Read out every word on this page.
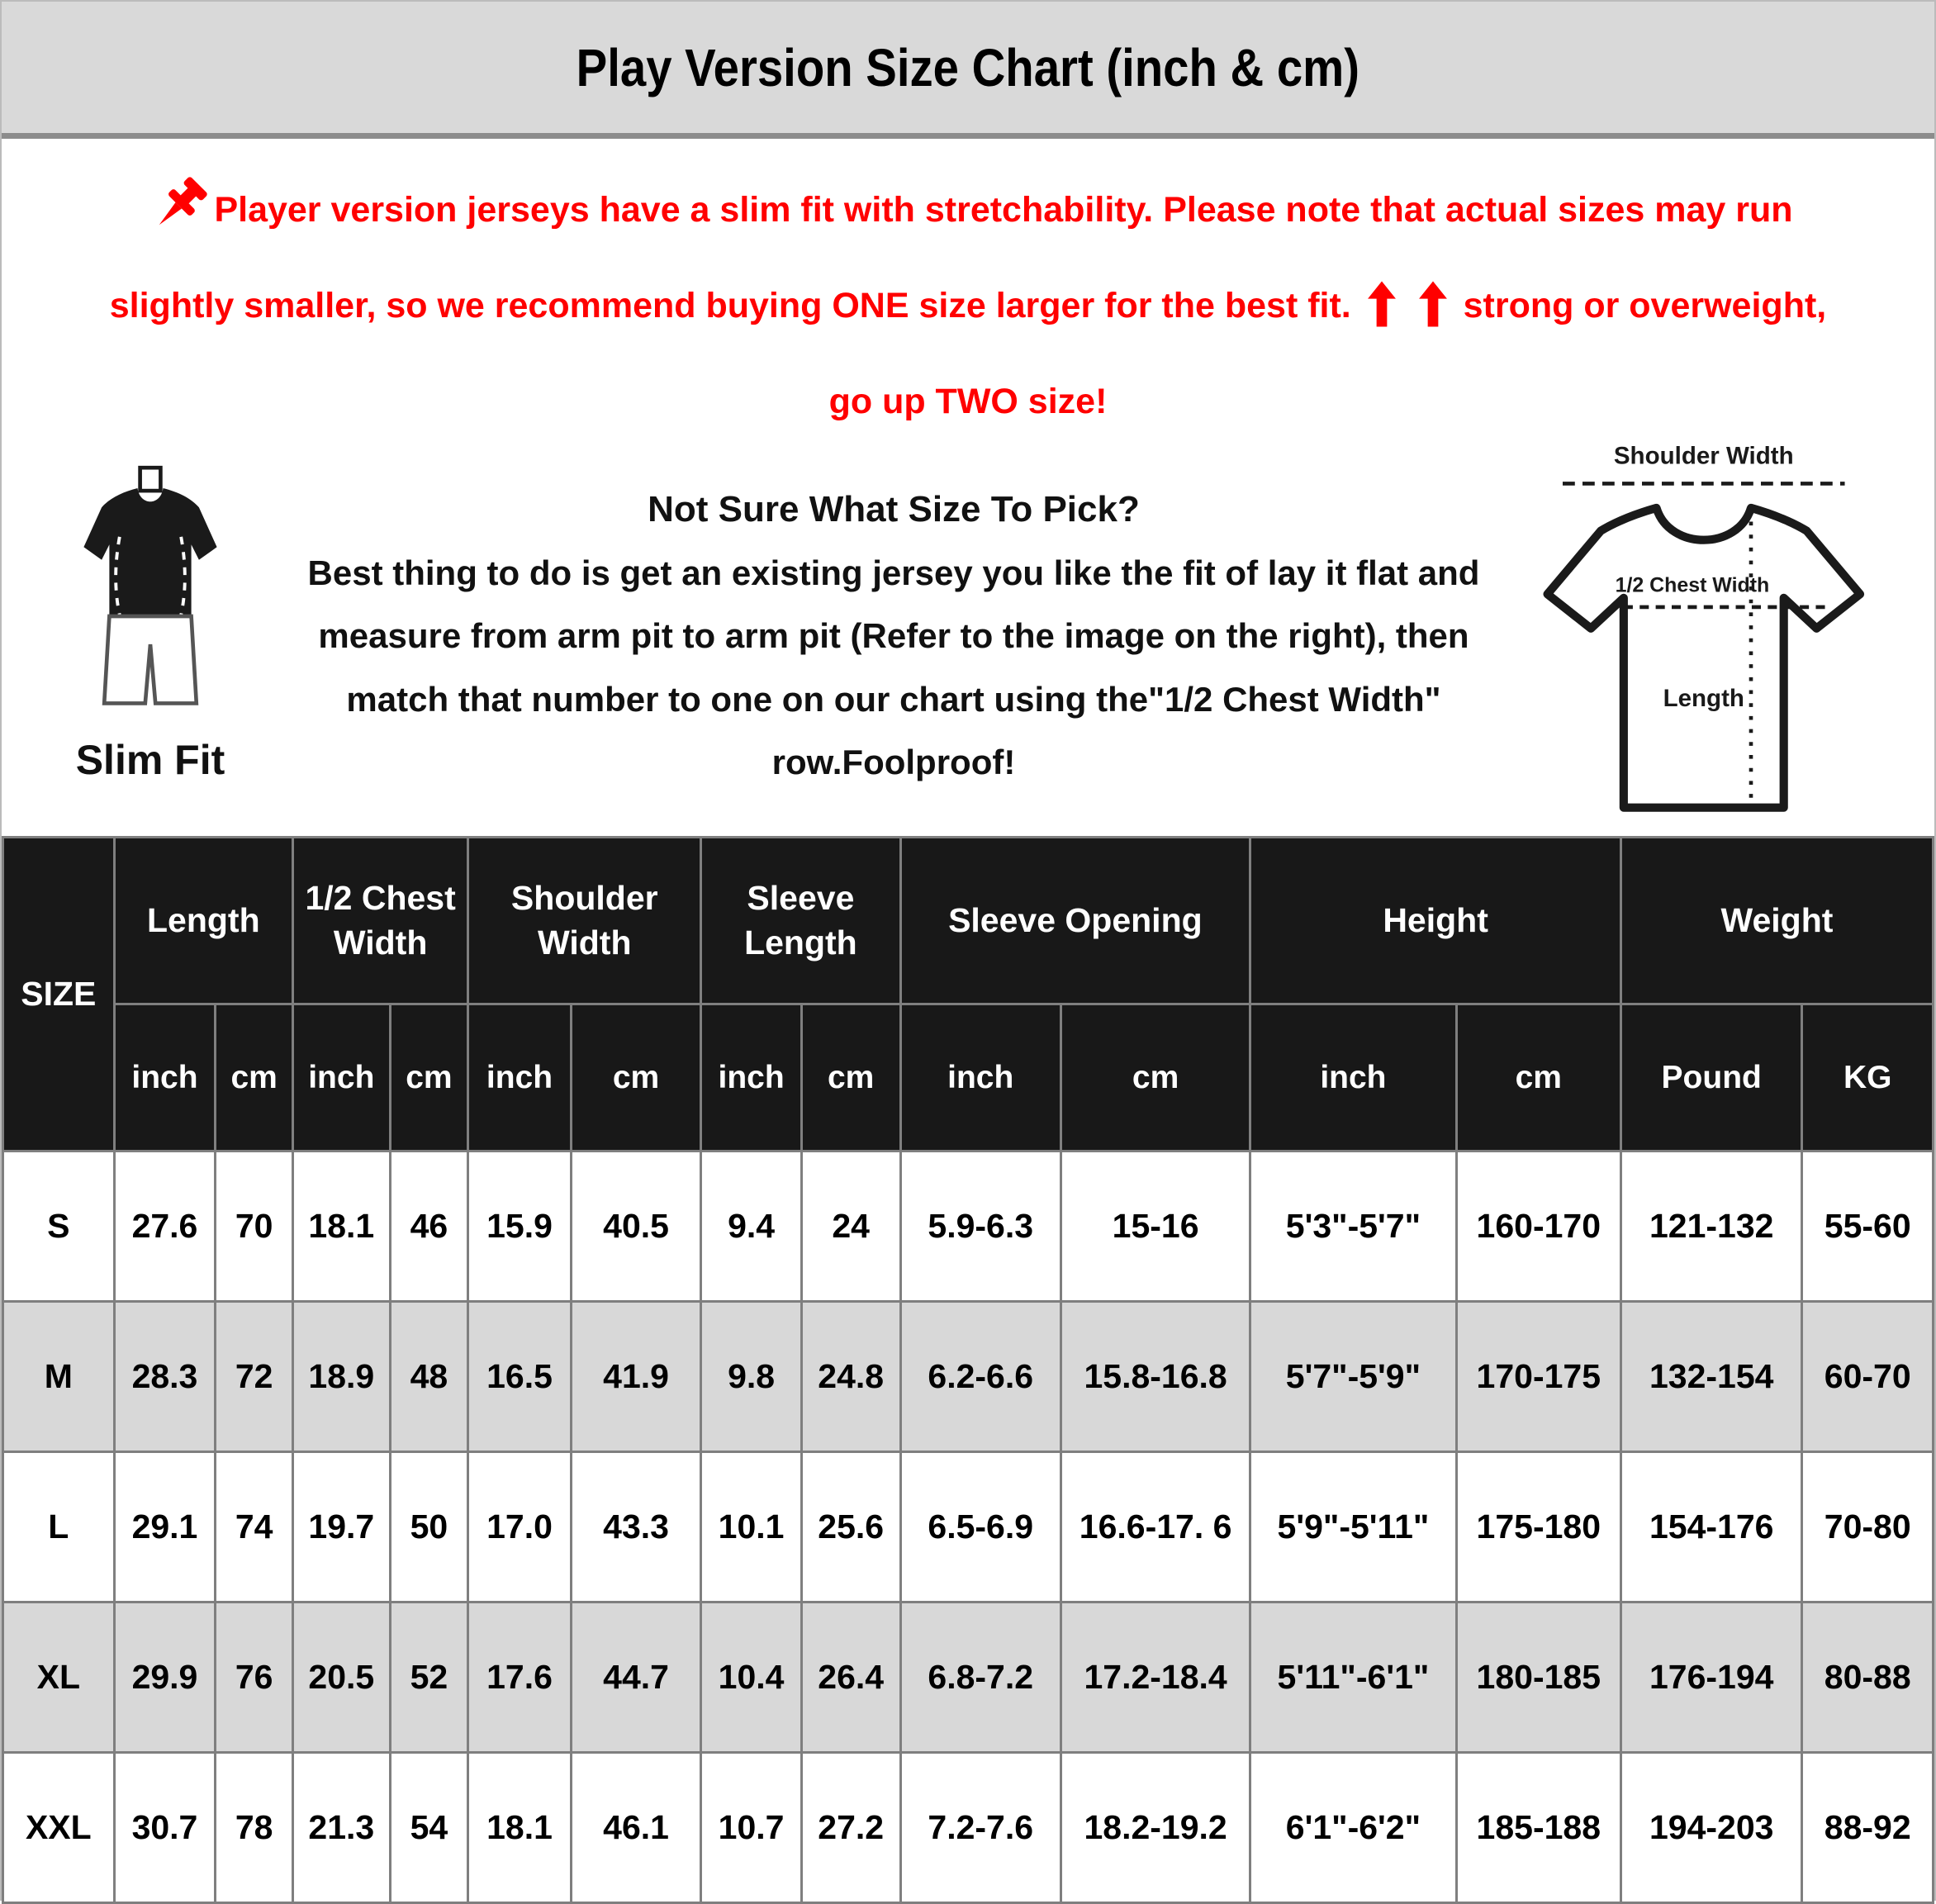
Play Version Size Chart (inch & cm)
Player version jerseys have a slim fit with stretchability. Please note that actual sizes may run
slightly smaller, so we recommend buying ONE size larger for the best fit.	strong or overweight,
go up TWO size!
Slim Fit
Not Sure What Size To Pick?
Best thing to do is get an existing jersey you like the fit of lay it flat and measure from arm pit to arm pit (Refer to the image on the right), then match that number to one on our chart using the"1/2 Chest Width" row.Foolproof!
Shoulder Width
1/2 Chest Width
Length
SIZE	Length		1/2 Chest Width		Shoulder Width		Sleeve Length		Sleeve Opening		Height		Weight	
	inch	cm	inch	cm	inch	cm	inch	cm	inch	cm	inch	cm	Pound	KG
S	27.6	70	18.1	46	15.9	40.5	9.4	24	5.9-6.3	15-16	5'3"-5'7"	160-170	121-132	55-60
M	28.3	72	18.9	48	16.5	41.9	9.8	24.8	6.2-6.6	15.8-16.8	5'7"-5'9"	170-175	132-154	60-70
L	29.1	74	19.7	50	17.0	43.3	10.1	25.6	6.5-6.9	16.6-17. 6	5'9"-5'11"	175-180	154-176	70-80
XL	29.9	76	20.5	52	17.6	44.7	10.4	26.4	6.8-7.2	17.2-18.4	5'11"-6'1"	180-185	176-194	80-88
XXL	30.7	78	21.3	54	18.1	46.1	10.7	27.2	7.2-7.6	18.2-19.2	6'1"-6'2"	185-188	194-203	88-92
